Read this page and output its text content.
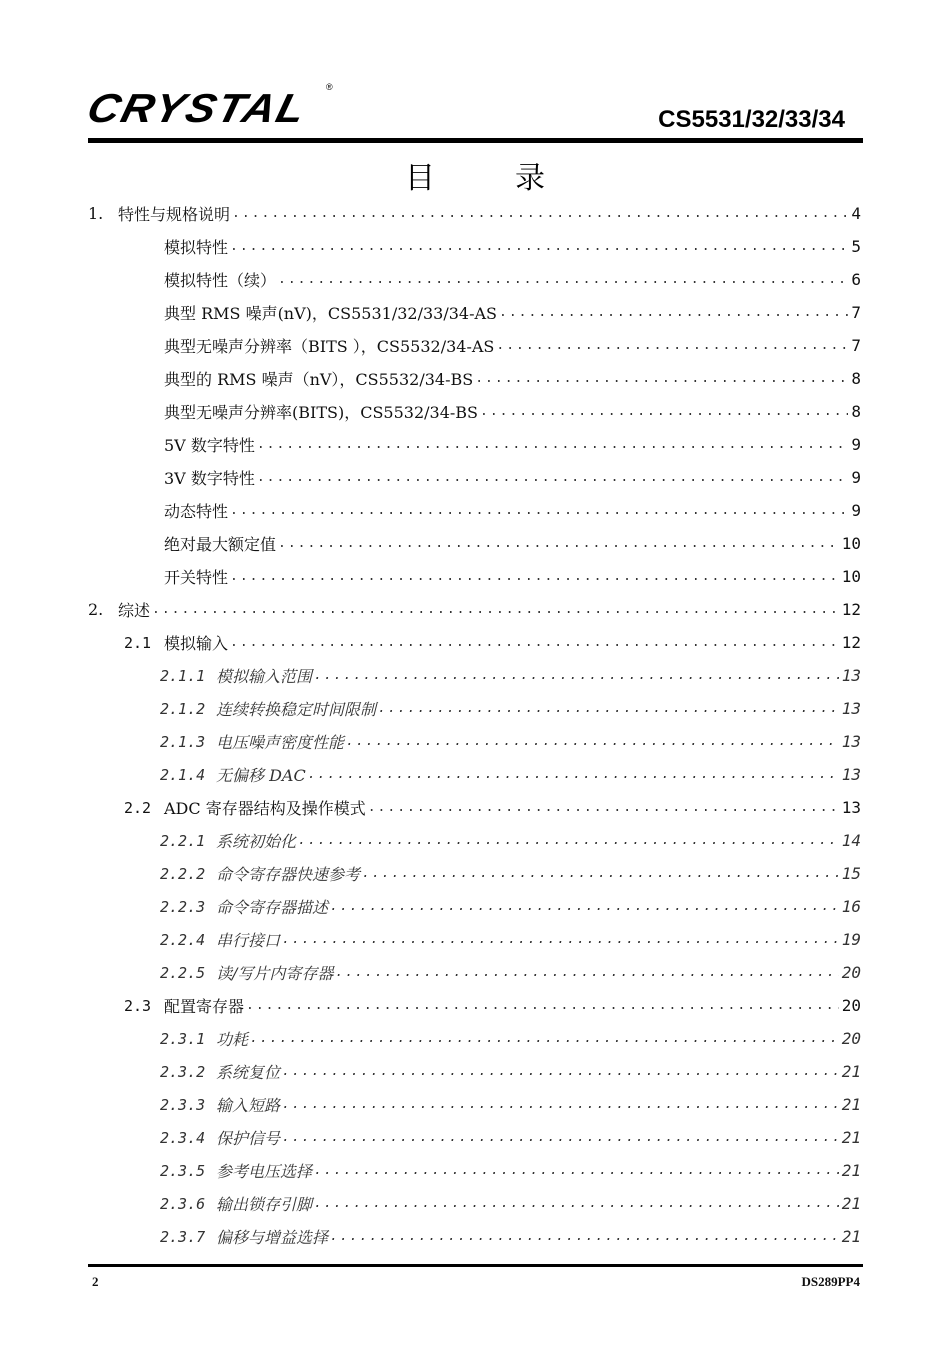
CRYSTAL ®
CS5531/32/33/34
目录
1. 特性与规格说明 .....	4
模拟特性 .....	5
模拟特性（续） .....	6
典型 RMS 噪声(nV)，CS5531/32/33/34-AS .....	7
典型无噪声分辨率（BITS ），CS5532/34-AS .....	7
典型的 RMS 噪声（nV），CS5532/34-BS .....	8
典型无噪声分辨率(BITS)，CS5532/34-BS .....	8
5V 数字特性 .....	9
3V 数字特性 .....	9
动态特性 .....	9
绝对最大额定值 .....	10
开关特性 .....	10
2. 综述 .....	12
2.1 模拟输入 .....	12
2.1.1 模拟输入范围 .....	13
2.1.2 连续转换稳定时间限制 .....	13
2.1.3 电压噪声密度性能 .....	13
2.1.4 无偏移 DAC .....	13
2.2 ADC 寄存器结构及操作模式 .....	13
2.2.1 系统初始化 .....	14
2.2.2 命令寄存器快速参考 .....	15
2.2.3 命令寄存器描述 .....	16
2.2.4 串行接口 .....	19
2.2.5 读/写片内寄存器 .....	20
2.3 配置寄存器 .....	20
2.3.1 功耗 .....	20
2.3.2 系统复位 .....	21
2.3.3 输入短路 .....	21
2.3.4 保护信号 .....	21
2.3.5 参考电压选择 .....	21
2.3.6 输出锁存引脚 .....	21
2.3.7 偏移与增益选择 .....	21
2	DS289PP4
